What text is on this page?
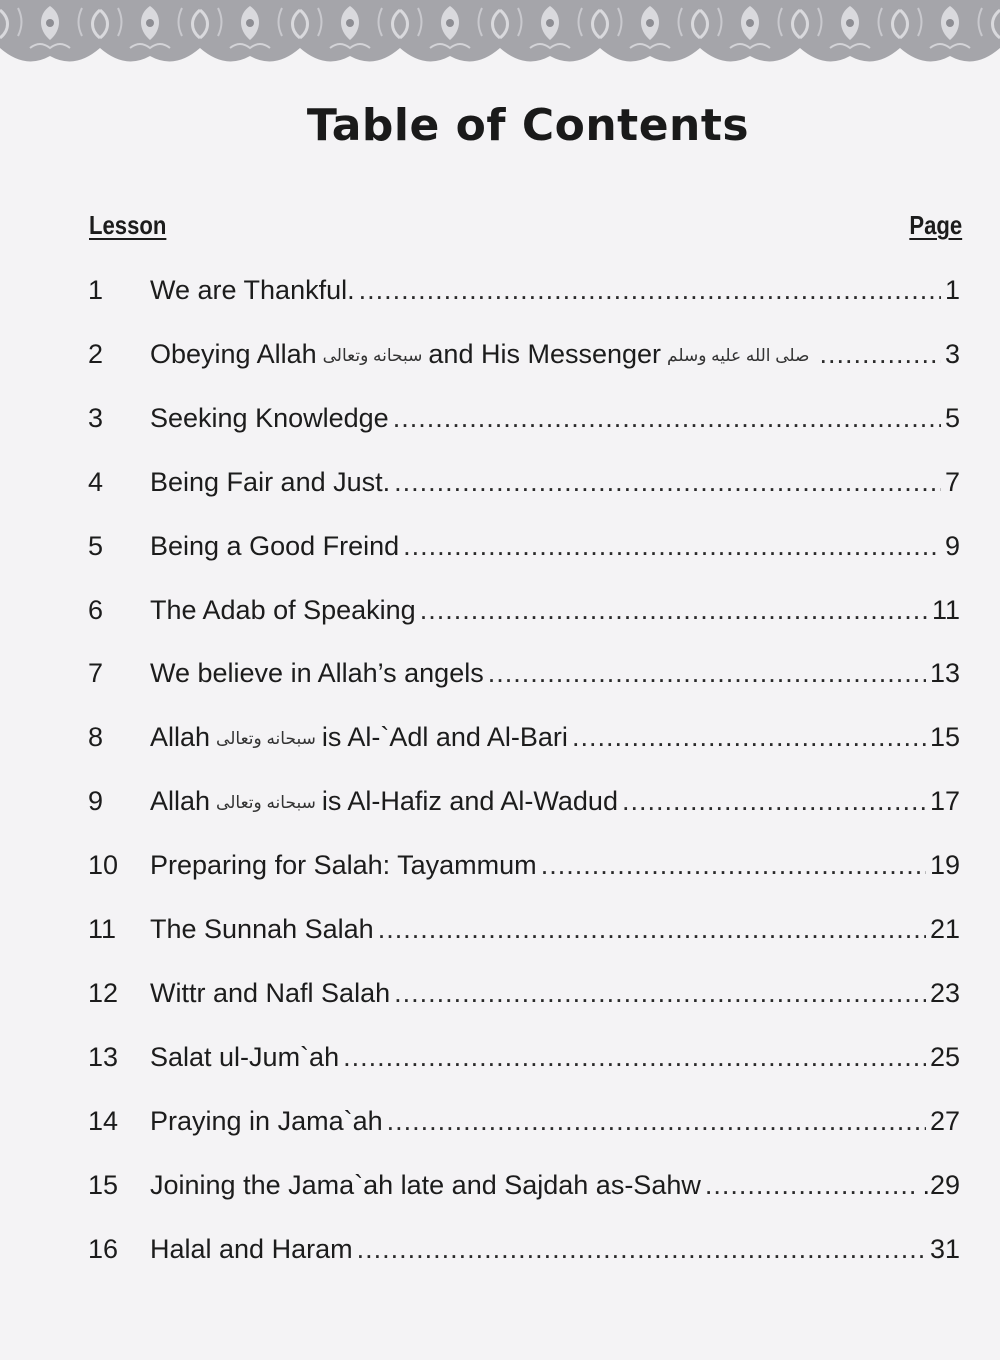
Table of Contents
Lesson	Page
1 We are Thankful. .....	1
2 Obeying Allah سبحانه وتعالى and His Messenger صلى الله عليه وسلم .....	3
3 Seeking Knowledge .....	5
4 Being Fair and Just. .....	7
5 Being a Good Freind .....	9
6 The Adab of Speaking .....	11
7 We believe in Allah’s angels .....	13
8 Allah سبحانه وتعالى is Al-`Adl and Al-Bari .....	15
9 Allah سبحانه وتعالى is Al-Hafiz and Al-Wadud .....	17
10 Preparing for Salah: Tayammum .....	19
11 The Sunnah Salah .....	21
12 Wittr and Nafl Salah .....	23
13 Salat ul-Jum`ah .....	25
14 Praying in Jama`ah .....	27
15 Joining the Jama`ah late and Sajdah as-Sahw .....	.29
16 Halal and Haram .....	31
